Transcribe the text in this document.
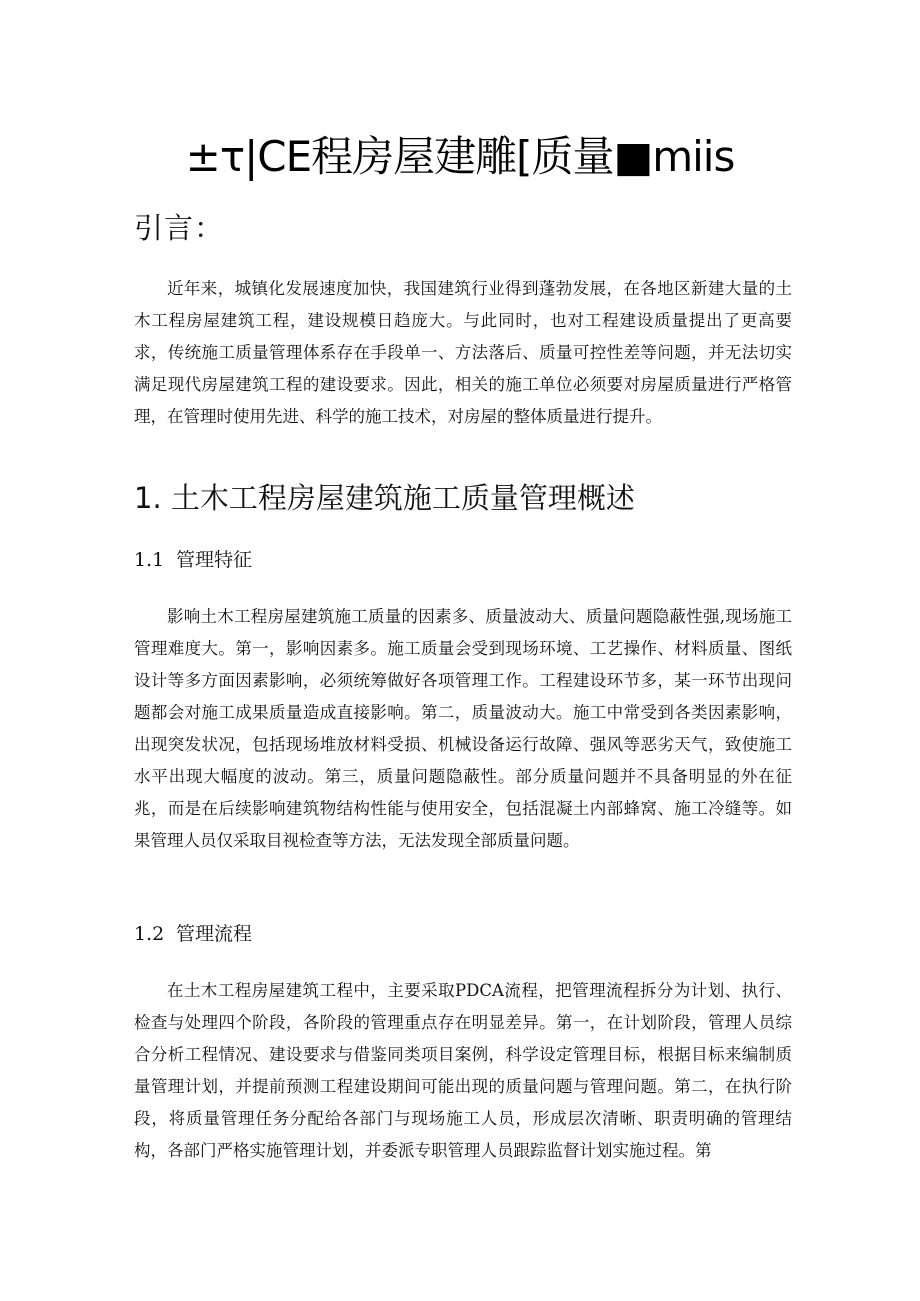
±τ|CE程房屋建雕[质量■miis
引言：

近年来，城镇化发展速度加快，我国建筑行业得到蓬勃发展，在各地区新建大量的土木工程房屋建筑工程，建设规模日趋庞大。与此同时，也对工程建设质量提出了更高要求，传统施工质量管理体系存在手段单一、方法落后、质量可控性差等问题，并无法切实满足现代房屋建筑工程的建设要求。因此，相关的施工单位必须要对房屋质量进行严格管理，在管理时使用先进、科学的施工技术，对房屋的整体质量进行提升。

1. 土木工程房屋建筑施工质量管理概述
1.1 管理特征

影响土木工程房屋建筑施工质量的因素多、质量波动大、质量问题隐蔽性强,现场施工管理难度大。第一，影响因素多。施工质量会受到现场环境、工艺操作、材料质量、图纸设计等多方面因素影响，必须统筹做好各项管理工作。工程建设环节多，某一环节出现问题都会对施工成果质量造成直接影响。第二，质量波动大。施工中常受到各类因素影响，出现突发状况，包括现场堆放材料受损、机械设备运行故障、强风等恶劣天气，致使施工水平出现大幅度的波动。第三，质量问题隐蔽性。部分质量问题并不具备明显的外在征兆，而是在后续影响建筑物结构性能与使用安全，包括混凝土内部蜂窝、施工冷缝等。如果管理人员仅采取目视检查等方法，无法发现全部质量问题。

1.2 管理流程

在土木工程房屋建筑工程中，主要采取PDCA流程，把管理流程拆分为计划、执行、检查与处理四个阶段，各阶段的管理重点存在明显差异。第一，在计划阶段，管理人员综合分析工程情况、建设要求与借鉴同类项目案例，科学设定管理目标，根据目标来编制质量管理计划，并提前预测工程建设期间可能出现的质量问题与管理问题。第二，在执行阶段，将质量管理任务分配给各部门与现场施工人员，形成层次清晰、职责明确的管理结构，各部门严格实施管理计划，并委派专职管理人员跟踪监督计划实施过程。第
